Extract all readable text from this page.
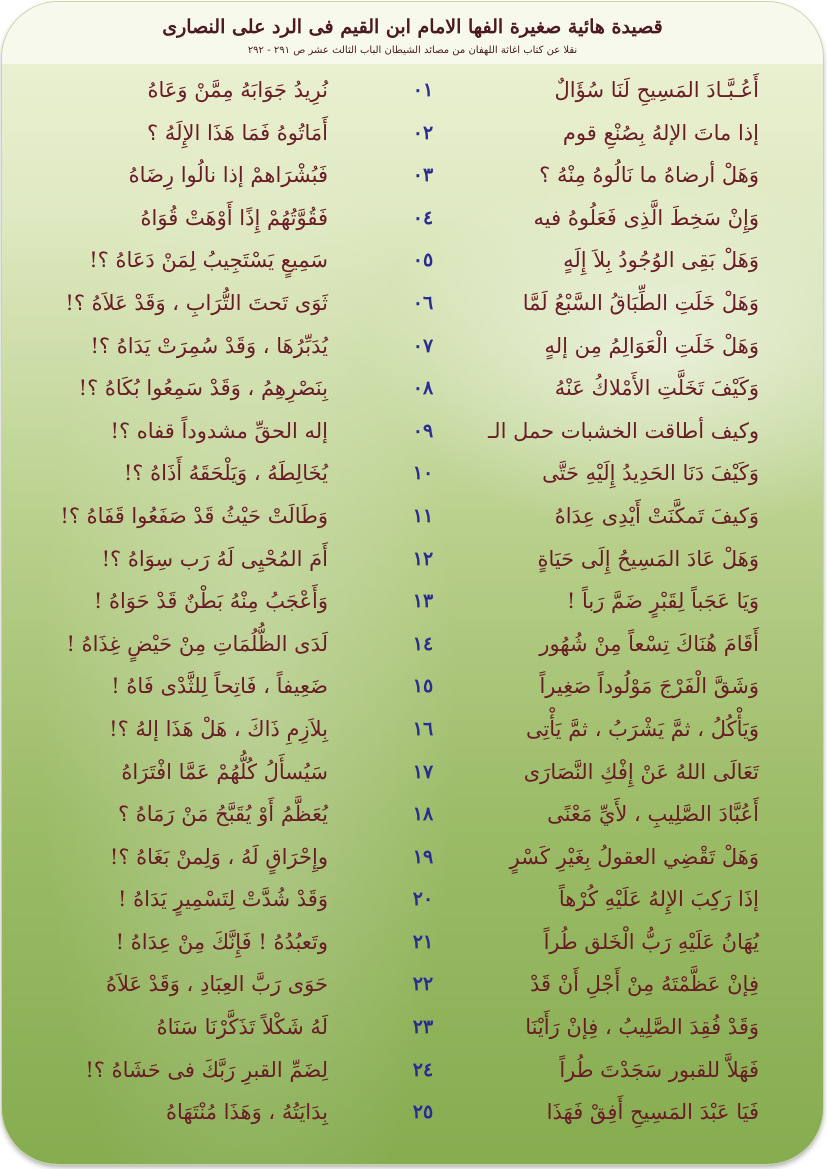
قصيدة هائية صغيرة الفها الامام ابن القيم فى الرد على النصارى
نقلا عن كتاب اغاثة اللهفان من مصائد الشيطان الباب الثالث عشر ص ٢٩١ - ٢٩٢
أَعُـبَّـادَ المَسِيحِ لَنَا سُؤَالٌ
٠١
نُرِيدُ جَوَابَهُ مِمَّنْ وَعَاهُ
إذا ماتَ الإلهُ بِصُنْعِ قوم
٠٢
أَمَاتُوهُ فَمَا هَذَا الإِلَهُ ؟
وَهَلْ أرضاهُ ما نَالُوهُ مِنْهُ ؟
٠٣
فَبُشْرَاهمْ إذا نالُوا رِضَاهُ
وَإِنْ سَخِطَ الَّذِى فَعَلُوهُ فيه
٠٤
فَقُوَّتُهُمْ إِذًا أَوْهَتْ قُوَاهُ
وَهَلْ بَقِى الوُجُودُ بِلاَ إِلَهٍ
٠٥
سَمِيعٍ يَسْتَجِيبُ لِمَنْ دَعَاهُ ؟!
وَهَلْ خَلَتِ الطِّبَاقُ السَّبْعُ لَمَّا
٠٦
ثَوَى تَحتَ التُّرَابِ ، وَقَدْ عَلاَهُ ؟!
وَهَلْ خَلَتِ الْعَوَالِمُ مِن إلهٍ
٠٧
يُدَبِّرُهَا ، وَقَدْ سُمِرَتْ يَدَاهُ ؟!
وَكَيْفَ تَخَلَّتِ الأَمْلاكُ عَنْهُ
٠٨
بِنَصْرِهِمُ ، وَقَدْ سَمِعُوا بُكَاهُ ؟!
وكيف أطاقت الخشبات حمل الـ
٠٩
إله الحقِّ مشدوداً قفاه ؟!
وَكَيْفَ دَنَا الحَدِيدُ إِلَيْهِ حَتَّى
١٠
يُخَالِطَهُ ، وَيَلْحَقَهُ أَذَاهُ ؟!
وَكيفَ تَمكَّنَتْ أَيْدِى عِدَاهُ
١١
وَطَالَتْ حَيْثُ قَدْ صَفَعُوا قَفَاهُ ؟!
وَهَلْ عَادَ المَسِيحُ إِلَى حَيَاةٍ
١٢
أَمَ المُحْيِى لَهُ رَب سِوَاهُ ؟!
وَيَا عَجَباً لِقَبْرٍ ضَمَّ رَباً !
١٣
وَأَعْجَبُ مِنْهُ بَطْنٌ قَدْ حَوَاهُ !
أَقَامَ هُنَاكَ تِسْعاً مِنْ شُهُور
١٤
لَدَى الظُّلُمَاتِ مِنْ حَيْضٍ غِذَاهُ !
وَشَقَّ الْفَرْجَ مَوْلُوداً صَغِيراً
١٥
ضَعِيفاً ، فَاتِحاً لِلثَّدْى فَاهُ !
وَيَأْكُلُ ، ثمَّ يَشْرَبُ ، ثمَّ يَأْتِى
١٦
بِلاَزِمِ ذَاكَ ، هَلْ هَذَا إلهُ ؟!
تَعَالَى اللهُ عَنْ إِفْكِ النَّصَارَى
١٧
سَيُسأَلُ كُلُّهُمْ عَمَّا افْتَرَاهُ
أَعُبَّادَ الصَّلِيبِ ، لأَيِّ مَعْنًى
١٨
يُعَظَّمُ أَوْ يُقَبَّحُ مَنْ رَمَاهُ ؟
وَهَلْ تَقْضِي العقولُ بِغَيْرِ كَسْرٍ
١٩
وإِحْرَاقٍ لَهُ ، وَلِمنْ بَغَاهُ ؟!
إذَا رَكِبَ الإِلهُ عَلَيْهِ كُرْهاً
٢٠
وَقَدْ شُدَّتْ لِتَسْمِيرٍ يَدَاهُ !
يُهَانُ عَلَيْهِ رَبُّ الْخَلق طُراً
٢١
وتَعبُدُهُ ! فَإِنَّكَ مِنْ عِدَاهُ !
فِإنْ عَظَّمْتَهُ مِنْ أَجْلِ أَنْ قَدْ
٢٢
حَوَى رَبَّ العِبَادِ ، وَقَدْ عَلاَهُ
وَقَدْ فُقِدَ الصَّلِيبُ ، فِإنْ رَأَيْنَا
٢٣
لَهُ شَكْلاً تَذَكَّرْنَا سَنَاهُ
فَهَلاَّ للقبور سَجَدْتَ طُراً
٢٤
لِضَمِّ القبرِ رَبَّكَ فى حَشَاهُ ؟!
فَيَا عَبْدَ المَسِيحِ أَفِقْ فَهَذَا
٢٥
بِدَايَتُهُ ، وَهَذَا مُنْتَهَاهُ
